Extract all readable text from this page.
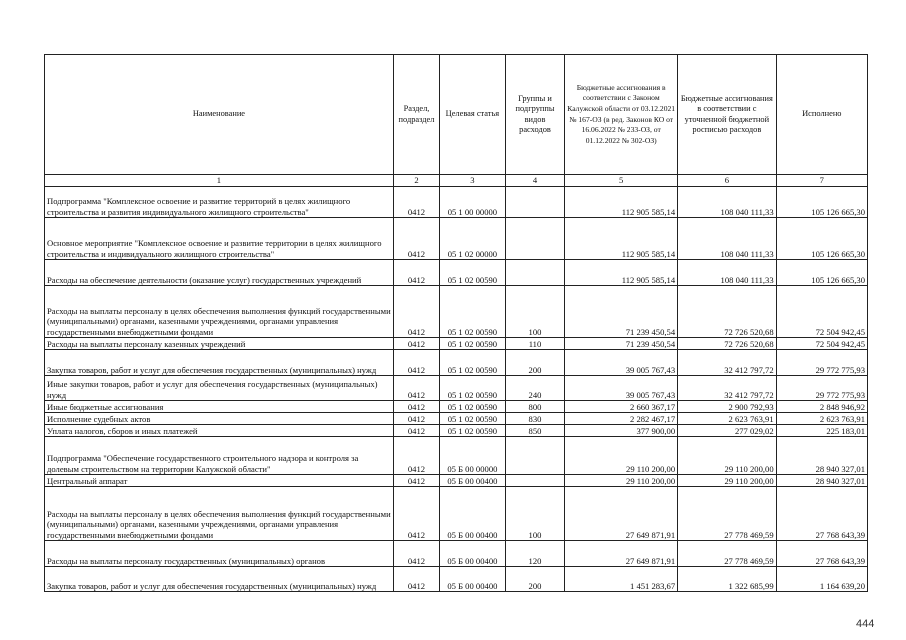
Наименование	Раздел, подраздел	Целевая статья	Группы и подгруппы видов расходов	Бюджетные ассигнования в соответствии с Законом Калужской области от 03.12.2021 № 167-ОЗ (в ред. Законов КО от 16.06.2022 № 233-ОЗ, от 01.12.2022 № 302-ОЗ)	Бюджетные ассигнования в соответствии с уточненной бюджетной росписью расходов	Исполнено
1	2	3	4	5	6	7
Подпрограмма "Комплексное освоение и развитие территорий в целях жилищного строительства и развития индивидуального жилищного строительства"	0412	05 1 00 00000		112 905 585,14	108 040 111,33	105 126 665,30
Основное мероприятие "Комплексное освоение и развитие территории в целях жилищного строительства и индивидуального жилищного строительства"	0412	05 1 02 00000		112 905 585,14	108 040 111,33	105 126 665,30
Расходы на обеспечение деятельности (оказание услуг) государственных учреждений	0412	05 1 02 00590		112 905 585,14	108 040 111,33	105 126 665,30
Расходы на выплаты персоналу в целях обеспечения выполнения функций государственными (муниципальными) органами, казенными учреждениями, органами управления государственными внебюджетными фондами	0412	05 1 02 00590	100	71 239 450,54	72 726 520,68	72 504 942,45
Расходы на выплаты персоналу казенных учреждений	0412	05 1 02 00590	110	71 239 450,54	72 726 520,68	72 504 942,45
Закупка товаров, работ и услуг для обеспечения государственных (муниципальных) нужд	0412	05 1 02 00590	200	39 005 767,43	32 412 797,72	29 772 775,93
Иные закупки товаров, работ и услуг для обеспечения государственных (муниципальных) нужд	0412	05 1 02 00590	240	39 005 767,43	32 412 797,72	29 772 775,93
Иные бюджетные ассигнования	0412	05 1 02 00590	800	2 660 367,17	2 900 792,93	2 848 946,92
Исполнение судебных актов	0412	05 1 02 00590	830	2 282 467,17	2 623 763,91	2 623 763,91
Уплата налогов, сборов и иных платежей	0412	05 1 02 00590	850	377 900,00	277 029,02	225 183,01
Подпрограмма "Обеспечение государственного строительного надзора и контроля за долевым строительством на территории Калужской области"	0412	05 Б 00 00000		29 110 200,00	29 110 200,00	28 940 327,01
Центральный аппарат	0412	05 Б 00 00400		29 110 200,00	29 110 200,00	28 940 327,01
Расходы на выплаты персоналу в целях обеспечения выполнения функций государственными (муниципальными) органами, казенными учреждениями, органами управления государственными внебюджетными фондами	0412	05 Б 00 00400	100	27 649 871,91	27 778 469,59	27 768 643,39
Расходы на выплаты персоналу государственных (муниципальных) органов	0412	05 Б 00 00400	120	27 649 871,91	27 778 469,59	27 768 643,39
Закупка товаров, работ и услуг для обеспечения государственных (муниципальных) нужд	0412	05 Б 00 00400	200	1 451 283,67	1 322 685,99	1 164 639,20
444
